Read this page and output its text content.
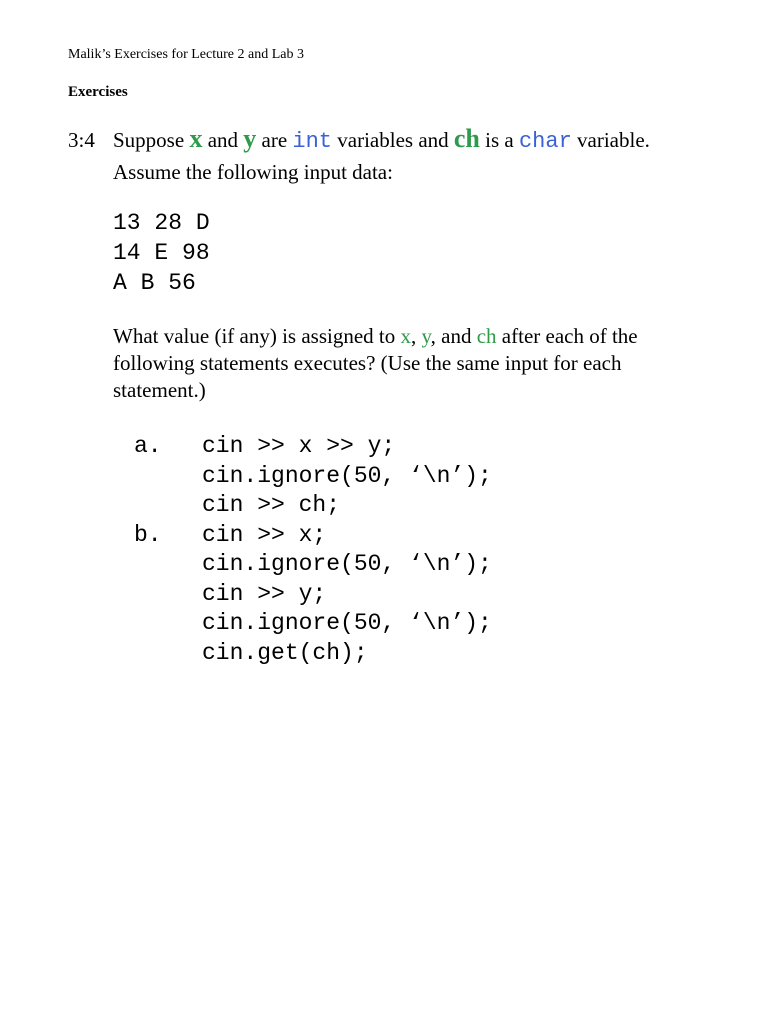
Malik’s Exercises for Lecture 2 and Lab 3
Exercises
3:4 Suppose x and y are int variables and ch is a char variable.
Assume the following input data:
13 28 D
14 E 98
A B 56
What value (if any) is assigned to x, y, and ch after each of the
following statements executes? (Use the same input for each
statement.)
a.	cin >> x >> y;
cin.ignore(50, ‘\n’);
cin >> ch;
b.	cin >> x;
cin.ignore(50, ‘\n’);
cin >> y;
cin.ignore(50, ‘\n’);
cin.get(ch);
